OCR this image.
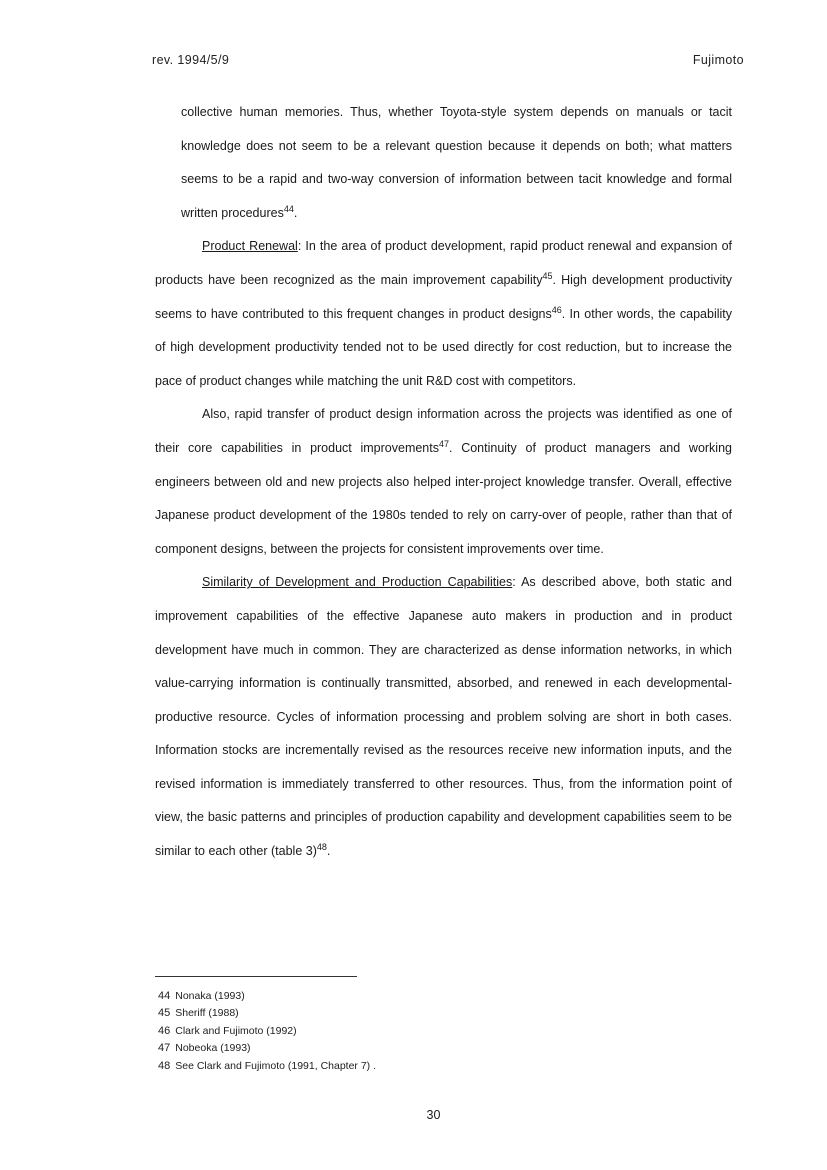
rev. 1994/5/9	Fujimoto

collective human memories. Thus, whether Toyota-style system depends on manuals or tacit knowledge does not seem to be a relevant question because it depends on both; what matters seems to be a rapid and two-way conversion of information between tacit knowledge and formal written procedures$^{44}$.

Product Renewal: In the area of product development, rapid product renewal and expansion of products have been recognized as the main improvement capability$^{45}$. High development productivity seems to have contributed to this frequent changes in product designs$^{46}$. In other words, the capability of high development productivity tended not to be used directly for cost reduction, but to increase the pace of product changes while matching the unit R&D cost with competitors.

Also, rapid transfer of product design information across the projects was identified as one of their core capabilities in product improvements$^{47}$. Continuity of product managers and working engineers between old and new projects also helped inter-project knowledge transfer. Overall, effective Japanese product development of the 1980s tended to rely on carry-over of people, rather than that of component designs, between the projects for consistent improvements over time.

Similarity of Development and Production Capabilities: As described above, both static and improvement capabilities of the effective Japanese auto makers in production and in product development have much in common. They are characterized as dense information networks, in which value-carrying information is continually transmitted, absorbed, and renewed in each developmental-productive resource. Cycles of information processing and problem solving are short in both cases. Information stocks are incrementally revised as the resources receive new information inputs, and the revised information is immediately transferred to other resources. Thus, from the information point of view, the basic patterns and principles of production capability and development capabilities seem to be similar to each other (table 3)$^{48}$.

44 Nonaka (1993)
45 Sheriff (1988)
46 Clark and Fujimoto (1992)
47 Nobeoka (1993)
48 See Clark and Fujimoto (1991, Chapter 7) .
30
